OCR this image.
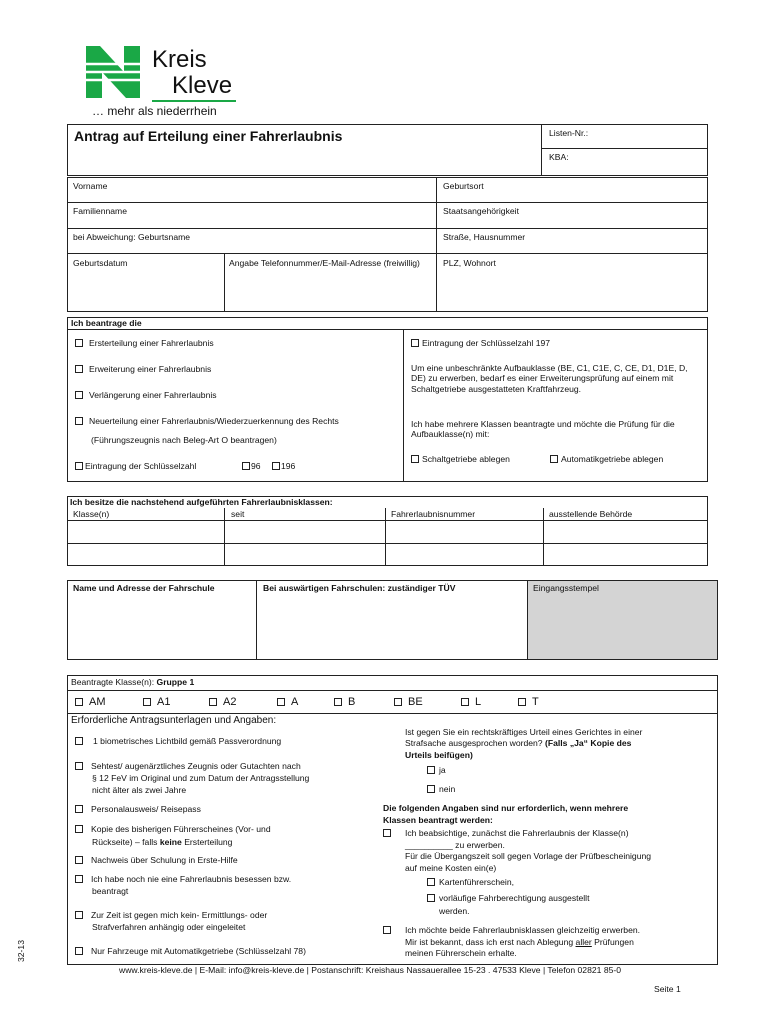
Kreis
Kleve
… mehr als niederrhein
Antrag auf Erteilung einer Fahrerlaubnis	Listen-Nr.:
KBA:
Vorname	Geburtsort
Familienname	Staatsangehörigkeit
bei Abweichung: Geburtsname	Straße, Hausnummer
Geburtsdatum	Angabe Telefonnummer/E-Mail-Adresse (freiwillig)	PLZ, Wohnort
Ich beantrage die
Ersterteilung einer Fahrerlaubnis
Erweiterung einer Fahrerlaubnis
Verlängerung einer Fahrerlaubnis
Neuerteilung einer Fahrerlaubnis/Wiederzuerkennung des Rechts
(Führungszeugnis nach Beleg-Art O beantragen)
Eintragung der Schlüsselzahl	96	196
Eintragung der Schlüsselzahl 197
Um eine unbeschränkte Aufbauklasse (BE, C1, C1E, C, CE, D1, D1E, D, DE) zu erwerben, bedarf es einer Erweiterungsprüfung auf einem mit Schaltgetriebe ausgestatteten Kraftfahrzeug.
Ich habe mehrere Klassen beantragte und möchte die Prüfung für die Aufbauklasse(n) mit:
Schaltgetriebe ablegen	Automatikgetriebe ablegen
Ich besitze die nachstehend aufgeführten Fahrerlaubnisklassen:
Klasse(n)	seit	Fahrerlaubnisnummer	ausstellende Behörde
Name und Adresse der Fahrschule	Bei auswärtigen Fahrschulen: zuständiger TÜV	Eingangsstempel
Beantragte Klasse(n): Gruppe 1
AM	A1	A2	A	B	BE	L	T
Erforderliche Antragsunterlagen und Angaben:
1 biometrisches Lichtbild gemäß Passverordnung
Sehtest/ augenärztliches Zeugnis oder Gutachten nach
§ 12 FeV im Original und zum Datum der Antragsstellung
nicht älter als zwei Jahre
Personalausweis/ Reisepass
Kopie des bisherigen Führerscheines (Vor- und
Rückseite) – falls keine Ersterteilung
Nachweis über Schulung in Erste-Hilfe
Ich habe noch nie eine Fahrerlaubnis besessen bzw.
beantragt
Zur Zeit ist gegen mich kein- Ermittlungs- oder
Strafverfahren anhängig oder eingeleitet
Nur Fahrzeuge mit Automatikgetriebe (Schlüsselzahl 78)
Ist gegen Sie ein rechtskräftiges Urteil eines Gerichtes in einer
Strafsache ausgesprochen worden? (Falls „Ja“ Kopie des
Urteils beifügen)
ja
nein
Die folgenden Angaben sind nur erforderlich, wenn mehrere
Klassen beantragt werden:
Ich beabsichtige, zunächst die Fahrerlaubnis der Klasse(n)
__________ zu erwerben.
Für die Übergangszeit soll gegen Vorlage der Prüfbescheinigung
auf meine Kosten ein(e)
Kartenführerschein,
vorläufige Fahrberechtigung ausgestellt
werden.
Ich möchte beide Fahrerlaubnisklassen gleichzeitig erwerben.
Mir ist bekannt, dass ich erst nach Ablegung aller Prüfungen
meinen Führerschein erhalte.
www.kreis-kleve.de | E-Mail: info@kreis-kleve.de | Postanschrift: Kreishaus Nassauerallee 15-23 . 47533 Kleve | Telefon 02821 85-0
Seite 1
32-13
